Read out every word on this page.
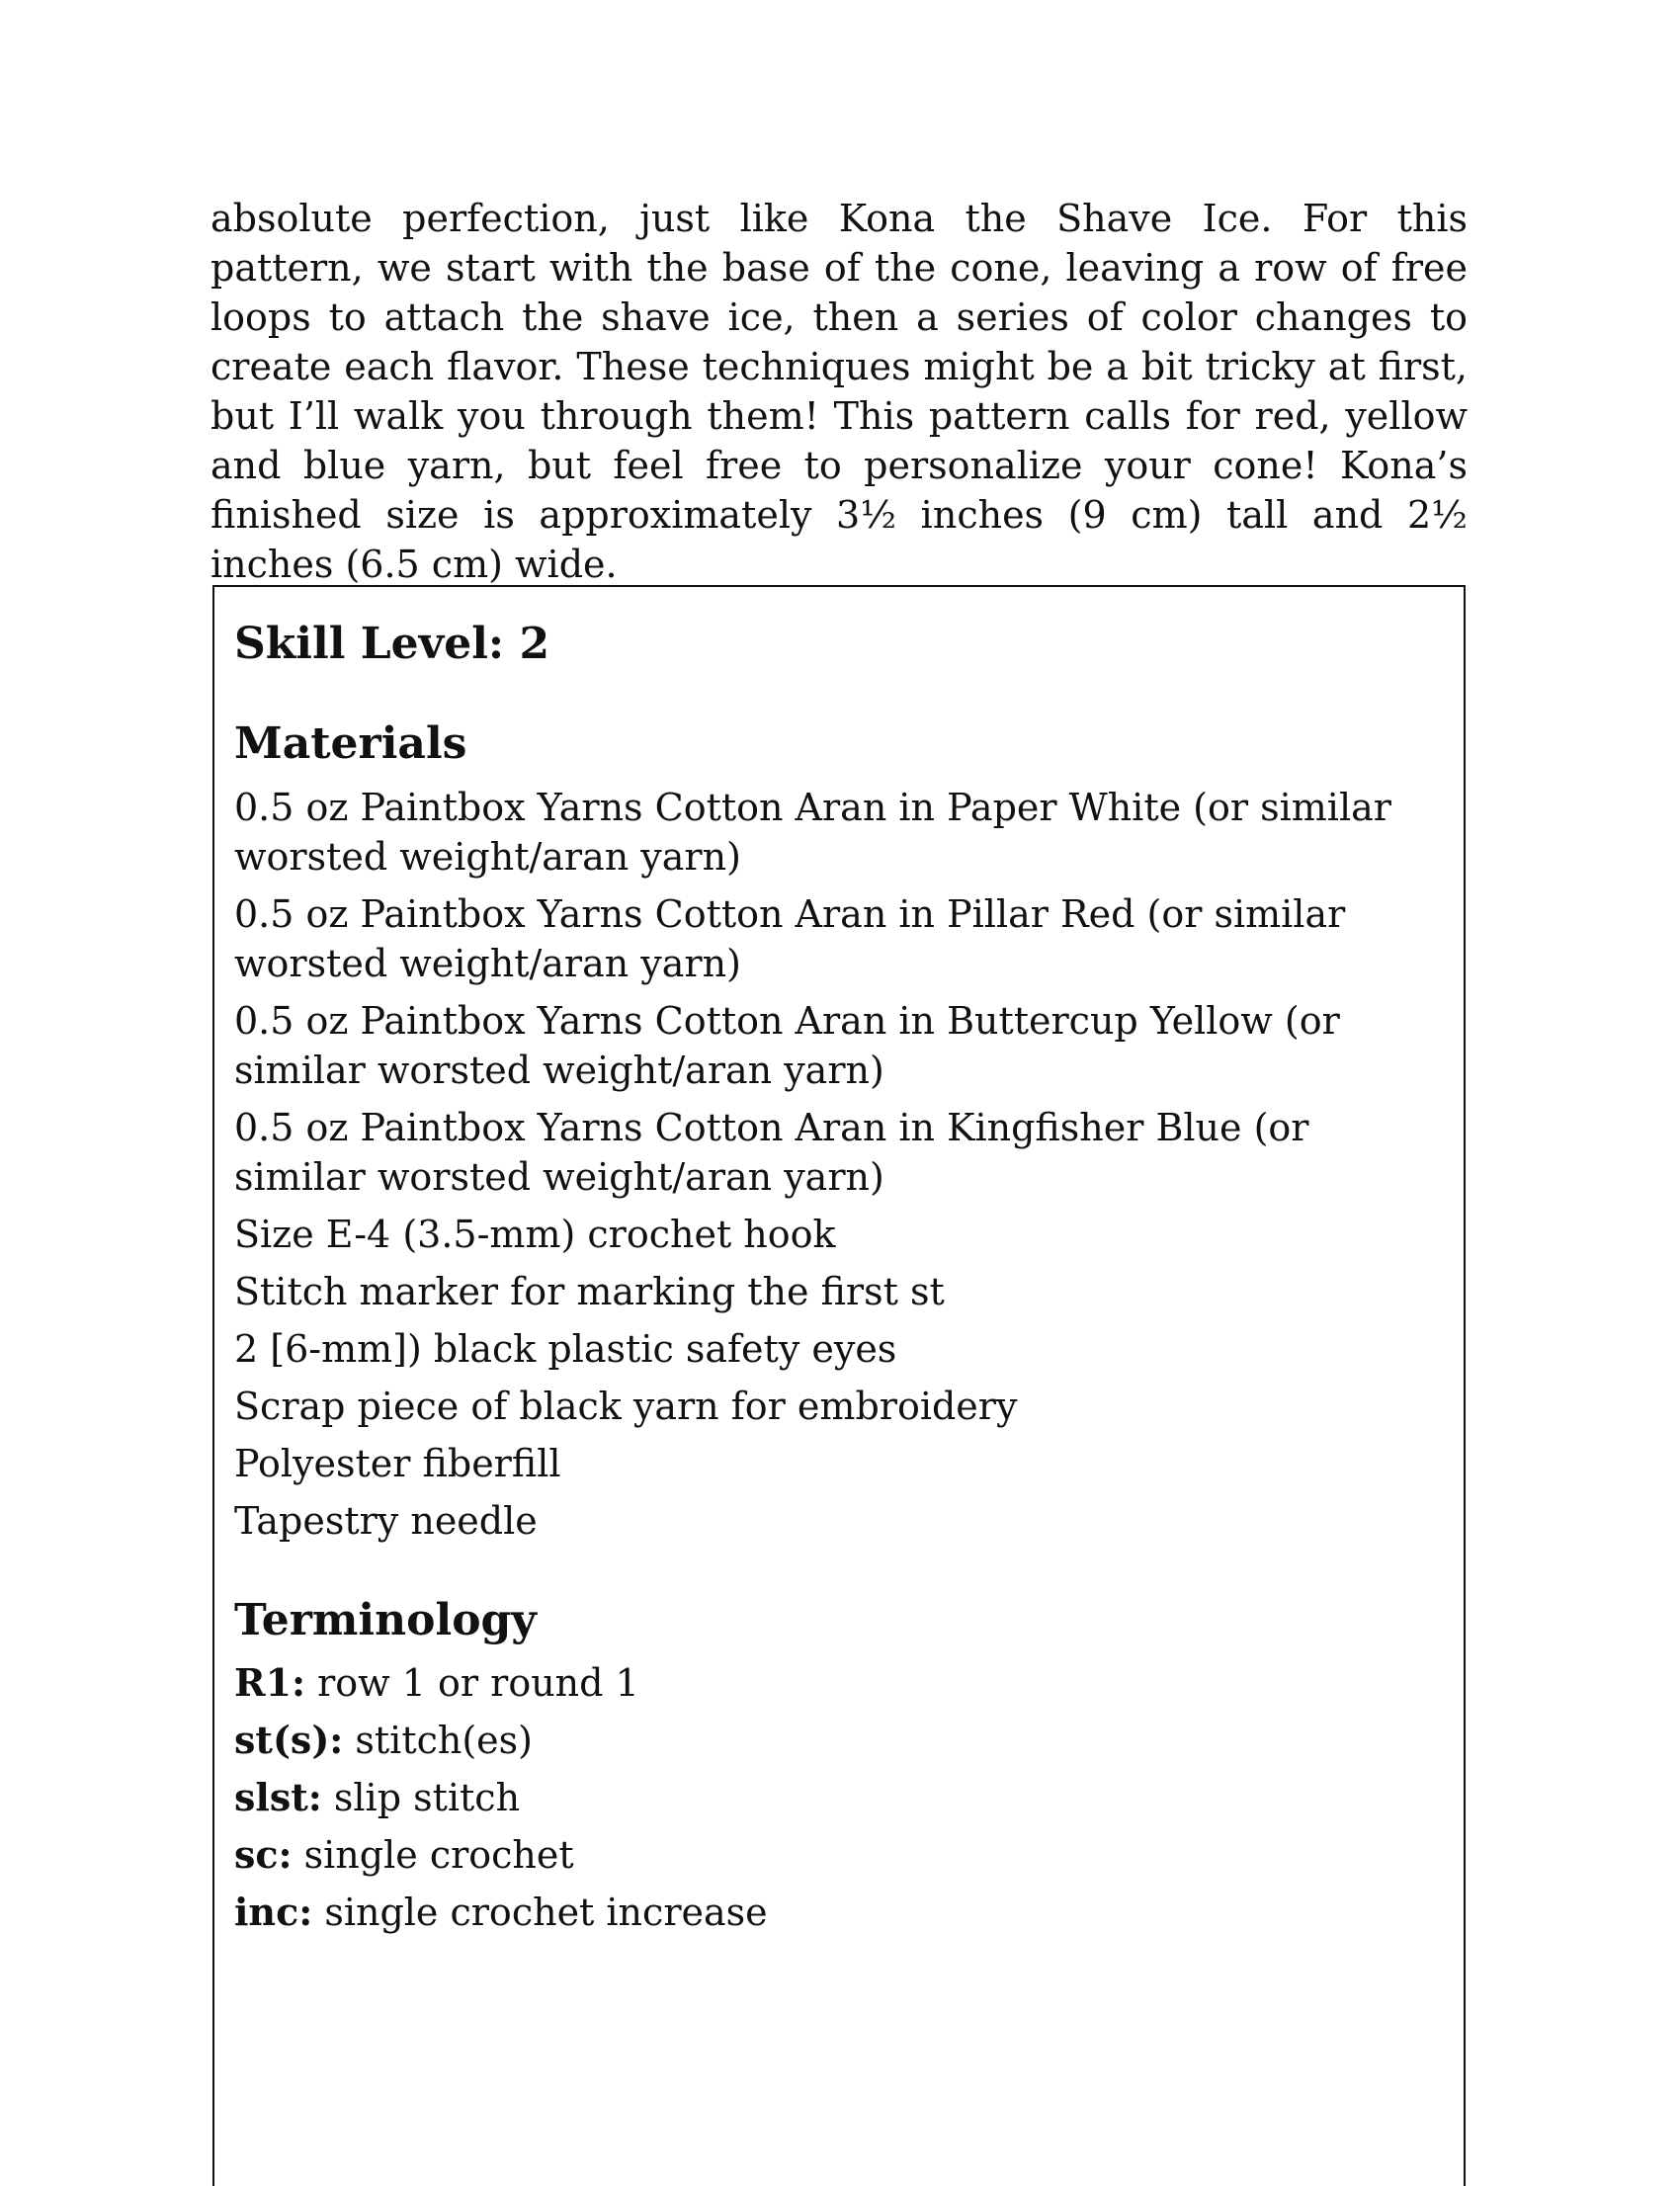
absolute perfection, just like Kona the Shave Ice. For this pattern, we start with the base of the cone, leaving a row of free loops to attach the shave ice, then a series of color changes to create each flavor. These techniques might be a bit tricky at first, but I’ll walk you through them! This pattern calls for red, yellow and blue yarn, but feel free to personalize your cone! Kona’s finished size is approximately 3½ inches (9 cm) tall and 2½ inches (6.5 cm) wide.

Skill Level: 2
Materials
0.5 oz Paintbox Yarns Cotton Aran in Paper White (or similar worsted weight/aran yarn)
0.5 oz Paintbox Yarns Cotton Aran in Pillar Red (or similar worsted weight/aran yarn)
0.5 oz Paintbox Yarns Cotton Aran in Buttercup Yellow (or similar worsted weight/aran yarn)
0.5 oz Paintbox Yarns Cotton Aran in Kingfisher Blue (or similar worsted weight/aran yarn)
Size E-4 (3.5-mm) crochet hook
Stitch marker for marking the first st
2 [6-mm]) black plastic safety eyes
Scrap piece of black yarn for embroidery
Polyester fiberfill
Tapestry needle
Terminology
R1: row 1 or round 1
st(s): stitch(es)
slst: slip stitch
sc: single crochet
inc: single crochet increase
